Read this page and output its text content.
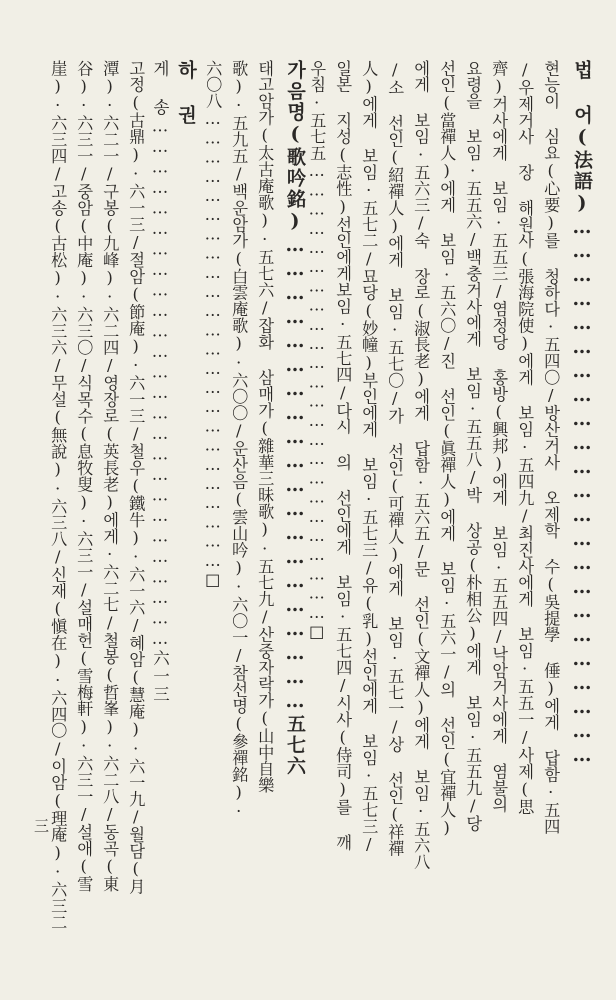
법 어(法語)……………………………………………………………
현능이 심요(心要)를 청하다·五四〇/방산거사 오제학 수(吳提學 倕)에게 답함·五四
/우제거사 장 해원사(張海院使)에게 보임·五四九/최진사에게 보임·五五一/사제(思
齊)거사에게 보임·五五三/염정당 홍방(興邦)에게 보임·五五四/낙암거사에게 염불의
요령을 보임·五五六/백충거사에게 보임·五五八/박 상공(朴相公)에게 보임·五五九/당
선인(當禪人)에게 보임·五六〇/진 선인(眞禪人)에게 보임·五六一/의 선인(宜禪人)
에게 보임·五六三/숙 장로(淑長老)에게 답함·五六五/문 선인(文禪人)에게 보임·五六八
/소 선인(紹禪人)에게 보임·五七〇/가 선인(可禪人)에게 보임·五七一/상 선인(祥禪
人)에게 보임·五七二/묘당(妙幢)부인에게 보임·五七三/유(乳)선인에게 보임·五七三/
일본 지성(志性)선인에게보임·五七四/다시 의 선인에게 보임·五七四/시사(侍司)를 깨
우침·五七五………………………………………………………………□
가음명(歌吟銘)……………………………………………………五七六
태고암가(太古庵歌)·五七六/잡화 삼매가(雜華三昧歌)·五七九/산중자락가(山中自樂
歌)·五九五/백운암가(白雲庵歌)·六〇〇/운산음(雲山吟)·六〇一/참선명(參禪銘)·
六〇八………………………………………………………………□
하 권
게 송……………………………………………………………………六一三
고정(古鼎)·六一三/절암(節庵)·六一三/철우(鐵牛)·六一六/혜암(慧庵)·六一九/월담(月
潭)·六二一/구봉(九峰)·六二四/영장로(英長老)에게·六二七/철봉(哲峯)·六二八/동곡(東
谷)·六三一/중암(中庵)·六三〇/식목수(息牧叟)·六三一/설매헌(雪梅軒)·六三一/설애(雪
崖)·六三四/고송(古松)·六三六/무설(無說)·六三八/신재(愼在)·六四〇/이암(理庵)·六三二
三
